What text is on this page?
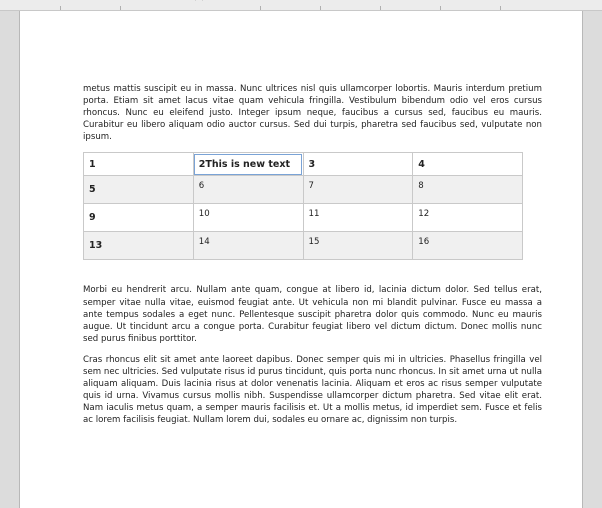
⌒

metus mattis suscipit eu in massa. Nunc ultrices nisl quis ullamcorper lobortis. Mauris interdum pretium porta. Etiam sit amet lacus vitae quam vehicula fringilla. Vestibulum bibendum odio vel eros cursus rhoncus. Nunc eu eleifend justo. Integer ipsum neque, faucibus a cursus sed, faucibus eu mauris. Curabitur eu libero aliquam odio auctor cursus. Sed dui turpis, pharetra sed faucibus sed, vulputate non ipsum.

1	2This is new text	3	4
5	6	7	8
9	10	11	12
13	14	15	16

Morbi eu hendrerit arcu. Nullam ante quam, congue at libero id, lacinia dictum dolor. Sed tellus erat, semper vitae nulla vitae, euismod feugiat ante. Ut vehicula non mi blandit pulvinar. Fusce eu massa a ante tempus sodales a eget nunc. Pellentesque suscipit pharetra dolor quis commodo. Nunc eu mauris augue. Ut tincidunt arcu a congue porta. Curabitur feugiat libero vel dictum dictum. Donec mollis nunc sed purus finibus porttitor.

Cras rhoncus elit sit amet ante laoreet dapibus. Donec semper quis mi in ultricies. Phasellus fringilla vel sem nec ultricies. Sed vulputate risus id purus tincidunt, quis porta nunc rhoncus. In sit amet urna ut nulla aliquam aliquam. Duis lacinia risus at dolor venenatis lacinia. Aliquam et eros ac risus semper vulputate quis id urna. Vivamus cursus mollis nibh. Suspendisse ullamcorper dictum pharetra. Sed vitae elit erat. Nam iaculis metus quam, a semper mauris facilisis et. Ut a mollis metus, id imperdiet sem. Fusce et felis ac lorem facilisis feugiat. Nullam lorem dui, sodales eu ornare ac, dignissim non turpis.
